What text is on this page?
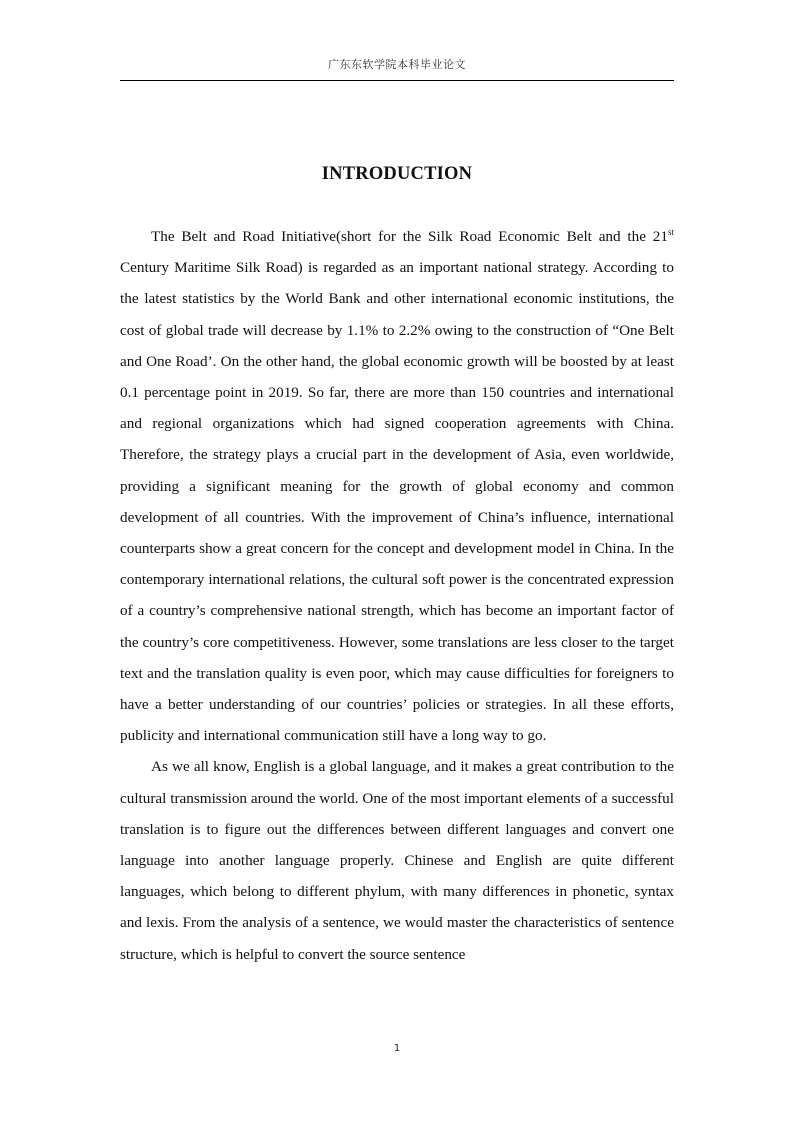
广东东软学院本科毕业论文
INTRODUCTION

The Belt and Road Initiative(short for the Silk Road Economic Belt and the 21st Century Maritime Silk Road) is regarded as an important national strategy. According to the latest statistics by the World Bank and other international economic institutions, the cost of global trade will decrease by 1.1% to 2.2% owing to the construction of “One Belt and One Road’. On the other hand, the global economic growth will be boosted by at least 0.1 percentage point in 2019. So far, there are more than 150 countries and international and regional organizations which had signed cooperation agreements with China. Therefore, the strategy plays a crucial part in the development of Asia, even worldwide, providing a significant meaning for the growth of global economy and common development of all countries. With the improvement of China’s influence, international counterparts show a great concern for the concept and development model in China. In the contemporary international relations, the cultural soft power is the concentrated expression of a country’s comprehensive national strength, which has become an important factor of the country’s core competitiveness. However, some translations are less closer to the target text and the translation quality is even poor, which may cause difficulties for foreigners to have a better understanding of our countries’ policies or strategies. In all these efforts, publicity and international communication still have a long way to go.

As we all know, English is a global language, and it makes a great contribution to the cultural transmission around the world. One of the most important elements of a successful translation is to figure out the differences between different languages and convert one language into another language properly. Chinese and English are quite different languages, which belong to different phylum, with many differences in phonetic, syntax and lexis. From the analysis of a sentence, we would master the characteristics of sentence structure, which is helpful to convert the source sentence

1
